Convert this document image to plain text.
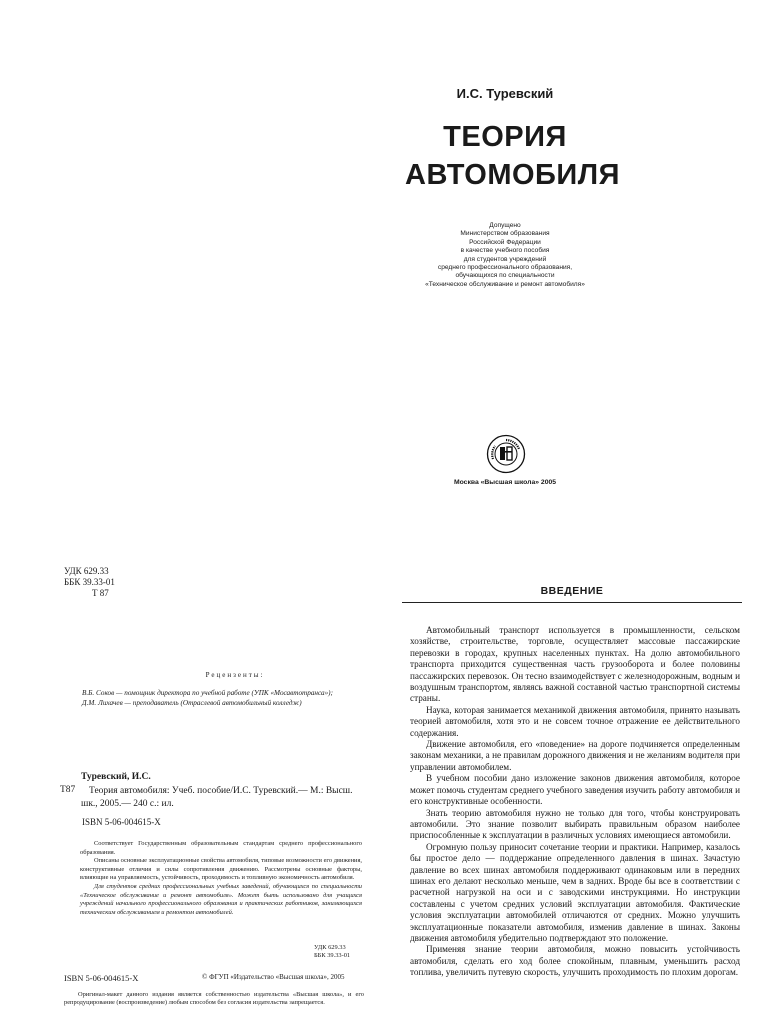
И.С. Туревский
ТЕОРИЯ
АВТОМОБИЛЯ
Допущено
Министерством образования
Российской Федерации
в качестве учебного пособия
для студентов учреждений
среднего профессионального образования,
обучающихся по специальности
«Техническое обслуживание и ремонт автомобиля»
Москва «Высшая школа» 2005
УДК 629.33
ББК 39.33-01
Т 87
Рецензенты:
В.Б. Соков — помощник директора по учебной работе (УПК «Мосавтотранса»);
Д.М. Лихачев — преподаватель (Отраслевой автомобильный колледж)
Туревский, И.С.
Т87	Теория автомобиля: Учеб. пособие/И.С. Туревский.— М.: Высш. шк., 2005.— 240 с.: ил.
ISBN 5-06-004615-X

Соответствует Государственным образовательным стандартам среднего профессионального образования.

Описаны основные эксплуатационные свойства автомобиля, типовые возможности его движения, конструктивные отличия и силы сопротивления движению. Рассмотрены основные факторы, влияющие на управляемость, устойчивость, проходимость и топливную экономичность автомобиля.

Для студентов средних профессиональных учебных заведений, обучающихся по специальности «Техническое обслуживание и ремонт автомобиля». Может быть использовано для учащихся учреждений начального профессионального образования и практических работников, занимающихся техническим обслуживанием и ремонтом автомобилей.

УДК 629.33
ББК 39.33-01
ISBN 5-06-004615-X	© ФГУП «Издательство «Высшая школа», 2005

Оригинал-макет данного издания является собственностью издательства «Высшая школа», и его репродуцирование (воспроизведение) любым способом без согласия издательства запрещается.

ВВЕДЕНИЕ

Автомобильный транспорт используется в промышленности, сельском хозяйстве, строительстве, торговле, осуществляет массовые пассажирские перевозки в городах, крупных населенных пунктах. На долю автомобильного транспорта приходится существенная часть грузооборота и более половины пассажирских перевозок. Он тесно взаимодействует с железнодорожным, водным и воздушным транспортом, являясь важной составной частью транспортной системы страны.

Наука, которая занимается механикой движения автомобиля, принято называть теорией автомобиля, хотя это и не совсем точное отражение ее действительного содержания.

Движение автомобиля, его «поведение» на дороге подчиняется определенным законам механики, а не правилам дорожного движения и не желаниям водителя при управлении автомобилем.

В учебном пособии дано изложение законов движения автомобиля, которое может помочь студентам среднего учебного заведения изучить работу автомобиля и его конструктивные особенности.

Знать теорию автомобиля нужно не только для того, чтобы конструировать автомобили. Это знание позволит выбирать правильным образом наиболее приспособленные к эксплуатации в различных условиях имеющиеся автомобили.

Огромную пользу приносит сочетание теории и практики. Например, казалось бы простое дело — поддержание определенного давления в шинах. Зачастую давление во всех шинах автомобиля поддерживают одинаковым или в передних шинах его делают несколько меньше, чем в задних. Вроде бы все в соответствии с расчетной нагрузкой на оси и с заводскими инструкциями. Но инструкции составлены с учетом средних условий эксплуатации автомобиля. Фактические условия эксплуатации автомобилей отличаются от средних. Можно улучшить эксплуатационные показатели автомобиля, изменив давление в шинах. Законы движения автомобиля убедительно подтверждают это положение.

Применяя знание теории автомобиля, можно повысить устойчивость автомобиля, сделать его ход более спокойным, плавным, уменьшить расход топлива, увеличить путевую скорость, улучшить проходимость по плохим дорогам.
